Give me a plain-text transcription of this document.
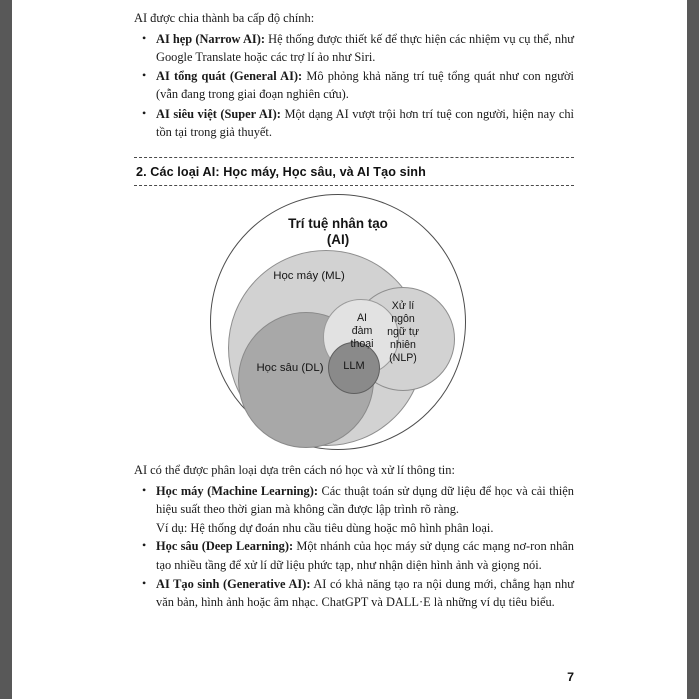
AI được chia thành ba cấp độ chính:

• AI hẹp (Narrow AI): Hệ thống được thiết kế để thực hiện các nhiệm vụ cụ thể, như Google Translate hoặc các trợ lí ảo như Siri.
• AI tổng quát (General AI): Mô phỏng khả năng trí tuệ tổng quát như con người (vẫn đang trong giai đoạn nghiên cứu).
• AI siêu việt (Super AI): Một dạng AI vượt trội hơn trí tuệ con người, hiện nay chỉ tồn tại trong giả thuyết.
2. Các loại AI: Học máy, Học sâu, và AI Tạo sinh
Trí tuệ nhân tạo
(AI)
Học máy (ML)
Học sâu (DL)
Xử lí
ngôn
ngữ tự
nhiên
(NLP)
AI
đàm
thoại
LLM

AI có thể được phân loại dựa trên cách nó học và xử lí thông tin:

• Học máy (Machine Learning): Các thuật toán sử dụng dữ liệu để học và cải thiện hiệu suất theo thời gian mà không cần được lập trình rõ ràng.
Ví dụ: Hệ thống dự đoán nhu cầu tiêu dùng hoặc mô hình phân loại.
• Học sâu (Deep Learning): Một nhánh của học máy sử dụng các mạng nơ-ron nhân tạo nhiều tầng để xử lí dữ liệu phức tạp, như nhận diện hình ảnh và giọng nói.
• AI Tạo sinh (Generative AI): AI có khả năng tạo ra nội dung mới, chẳng hạn như văn bản, hình ảnh hoặc âm nhạc. ChatGPT và DALL·E là những ví dụ tiêu biểu.
7
